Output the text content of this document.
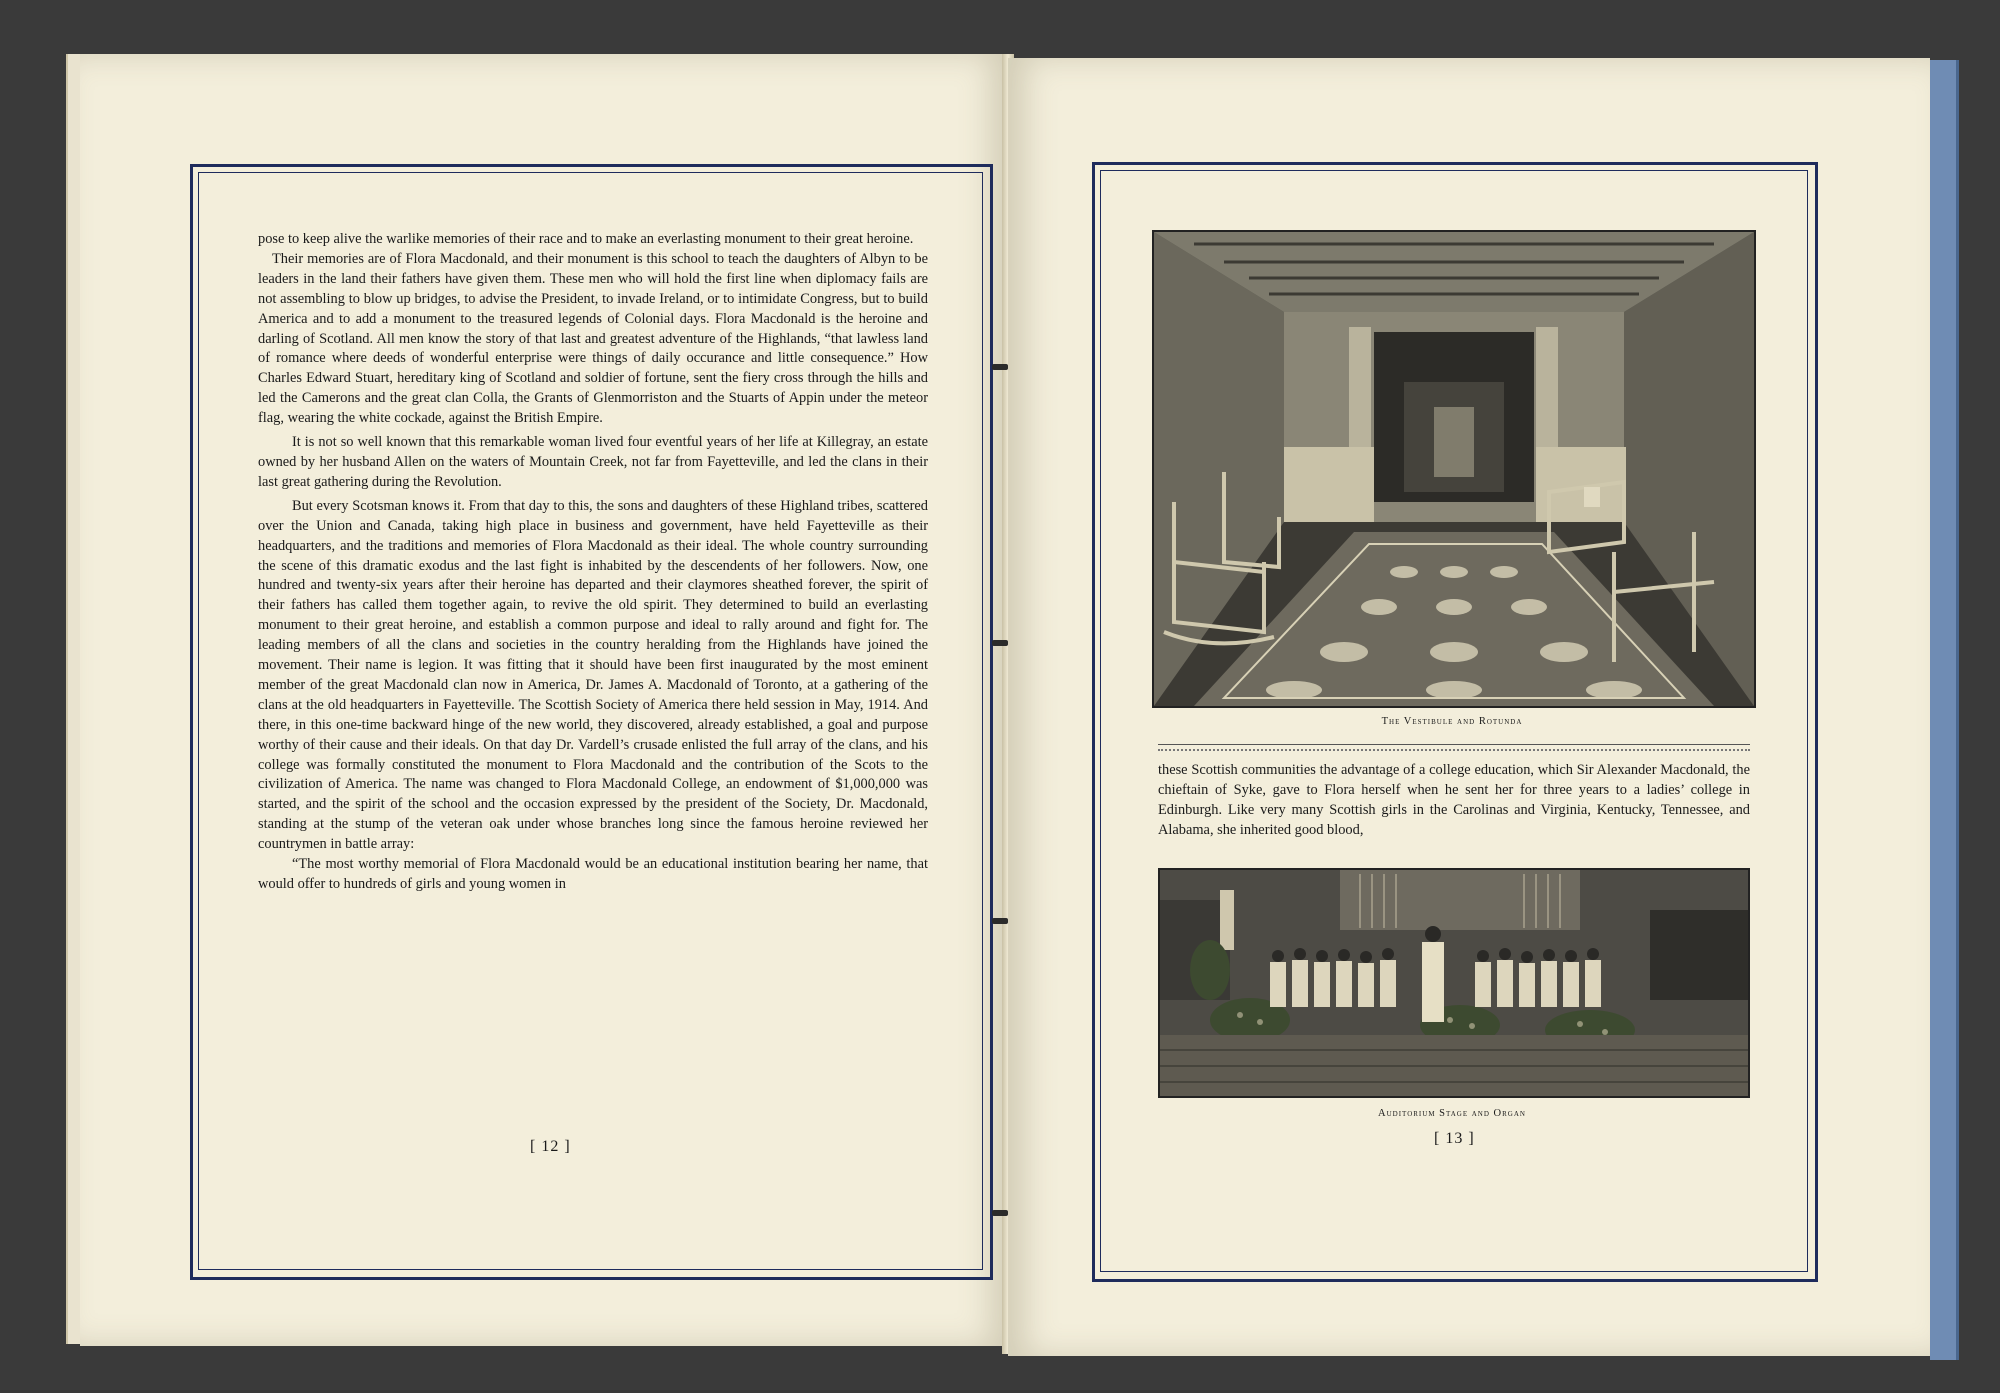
pose to keep alive the warlike memories of their race and to make an everlasting monument to their great heroine.

Their memories are of Flora Macdonald, and their monument is this school to teach the daughters of Albyn to be leaders in the land their fathers have given them. These men who will hold the first line when diplomacy fails are not assembling to blow up bridges, to advise the President, to invade Ireland, or to intimidate Congress, but to build America and to add a monument to the treasured legends of Colonial days. Flora Macdonald is the heroine and darling of Scotland. All men know the story of that last and greatest adventure of the Highlands, “that lawless land of romance where deeds of wonderful enterprise were things of daily occurance and little consequence.” How Charles Edward Stuart, hereditary king of Scotland and soldier of fortune, sent the fiery cross through the hills and led the Camerons and the great clan Colla, the Grants of Glenmorriston and the Stuarts of Appin under the meteor flag, wearing the white cockade, against the British Empire.

It is not so well known that this remarkable woman lived four eventful years of her life at Killegray, an estate owned by her husband Allen on the waters of Mountain Creek, not far from Fayetteville, and led the clans in their last great gathering during the Revolution.

But every Scotsman knows it. From that day to this, the sons and daughters of these Highland tribes, scattered over the Union and Canada, taking high place in business and government, have held Fayetteville as their headquarters, and the traditions and memories of Flora Macdonald as their ideal. The whole country surrounding the scene of this dramatic exodus and the last fight is inhabited by the descendents of her followers. Now, one hundred and twenty-six years after their heroine has departed and their claymores sheathed forever, the spirit of their fathers has called them together again, to revive the old spirit. They determined to build an everlasting monument to their great heroine, and establish a common purpose and ideal to rally around and fight for. The leading members of all the clans and societies in the country heralding from the Highlands have joined the movement. Their name is legion. It was fitting that it should have been first inaugurated by the most eminent member of the great Macdonald clan now in America, Dr. James A. Macdonald of Toronto, at a gathering of the clans at the old headquarters in Fayetteville. The Scottish Society of America there held session in May, 1914. And there, in this one-time backward hinge of the new world, they discovered, already established, a goal and purpose worthy of their cause and their ideals. On that day Dr. Vardell’s crusade enlisted the full array of the clans, and his college was formally constituted the monument to Flora Macdonald and the contribution of the Scots to the civilization of America. The name was changed to Flora Macdonald College, an endowment of $1,000,000 was started, and the spirit of the school and the occasion expressed by the president of the Society, Dr. Macdonald, standing at the stump of the veteran oak under whose branches long since the famous heroine reviewed her countrymen in battle array:

“The most worthy memorial of Flora Macdonald would be an educational institution bearing her name, that would offer to hundreds of girls and young women in

[ 12 ]
The Vestibule and Rotunda

these Scottish communities the advantage of a college education, which Sir Alexander Macdonald, the chieftain of Syke, gave to Flora herself when he sent her for three years to a ladies’ college in Edinburgh. Like very many Scottish girls in the Carolinas and Virginia, Kentucky, Tennessee, and Alabama, she inherited good blood,

Auditorium Stage and Organ
[ 13 ]
